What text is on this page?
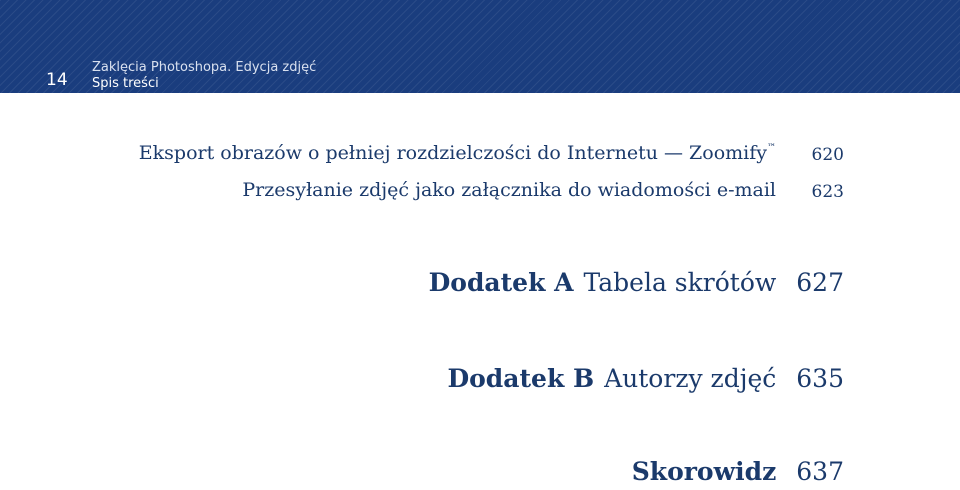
14
Zaklęcia Photoshopa. Edycja zdjęć
Spis treści
Eksport obrazów o pełniej rozdzielczości do Internetu — Zoomify™ 620
Przesyłanie zdjęć jako załącznika do wiadomości e-mail 623
Dodatek A Tabela skrótów 627
Dodatek B Autorzy zdjęć 635
Skorowidz 637
